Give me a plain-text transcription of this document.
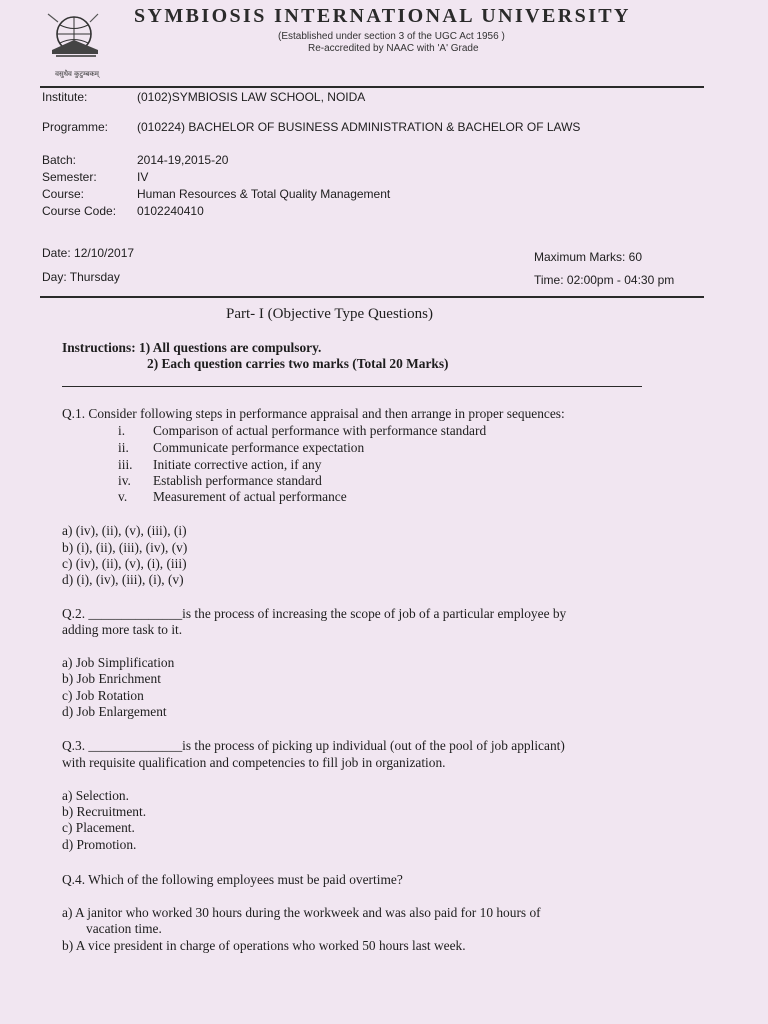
वसुधैव कुटुम्बकम्
SYMBIOSIS INTERNATIONAL UNIVERSITY
(Established under section 3 of the UGC Act 1956 )
Re-accredited by NAAC with 'A' Grade
Institute:	(0102)SYMBIOSIS LAW SCHOOL, NOIDA
Programme: (010224) BACHELOR OF BUSINESS ADMINISTRATION & BACHELOR OF LAWS
Batch:	2014-19,2015-20
Semester:	IV
Course:	Human Resources & Total Quality Management
Course Code: 0102240410
Date: 12/10/2017
Day: Thursday
Maximum Marks: 60
Time: 02:00pm - 04:30 pm
Part- I (Objective Type Questions)
Instructions: 1) All questions are compulsory.
2) Each question carries two marks (Total 20 Marks)
Q.1. Consider following steps in performance appraisal and then arrange in proper sequences:
i.	Comparison of actual performance with performance standard
ii.	Communicate performance expectation
iii.	Initiate corrective action, if any
iv.	Establish performance standard
v.	Measurement of actual performance
a) (iv), (ii), (v), (iii), (i)
b) (i), (ii), (iii), (iv), (v)
c) (iv), (ii), (v), (i), (iii)
d) (i), (iv), (iii), (i), (v)
Q.2. ______________is the process of increasing the scope of job of a particular employee by
adding more task to it.
a) Job Simplification
b) Job Enrichment
c) Job Rotation
d) Job Enlargement
Q.3. ______________is the process of picking up individual (out of the pool of job applicant)
with requisite qualification and competencies to fill job in organization.
a) Selection.
b) Recruitment.
c) Placement.
d) Promotion.
Q.4. Which of the following employees must be paid overtime?
a) A janitor who worked 30 hours during the workweek and was also paid for 10 hours of
vacation time.
b) A vice president in charge of operations who worked 50 hours last week.
